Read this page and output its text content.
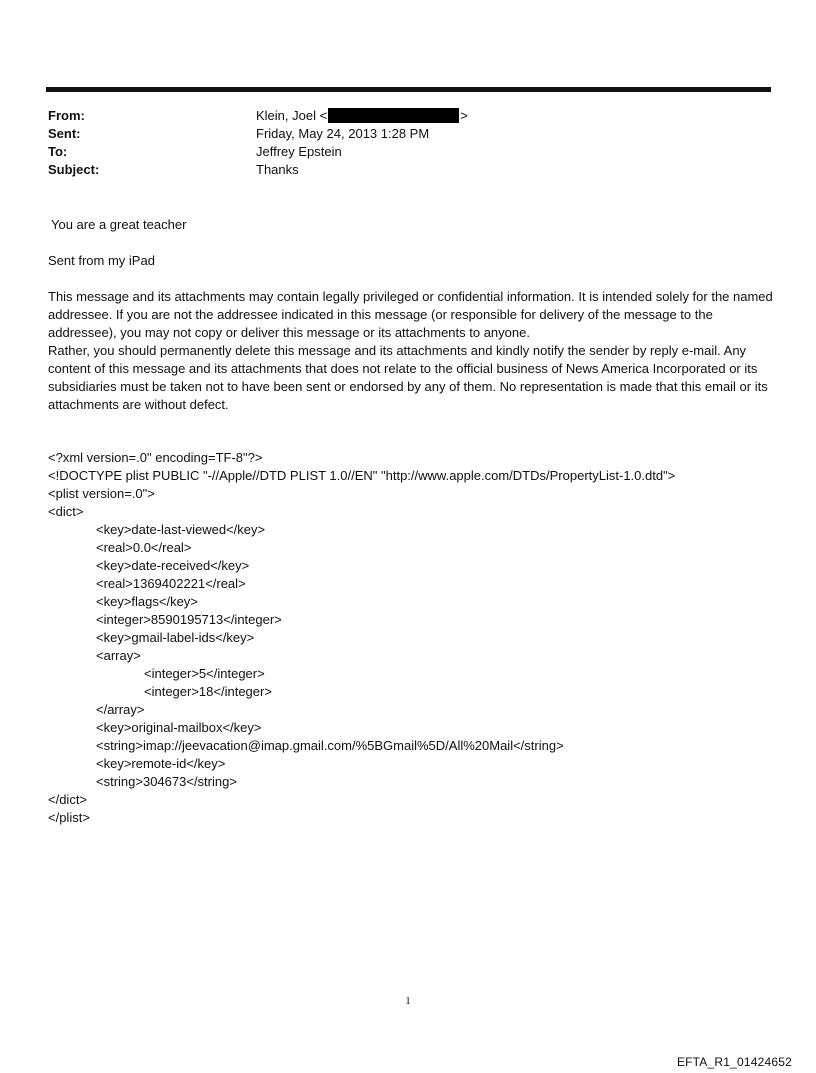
From:	Klein, Joel <	>
Sent:	Friday, May 24, 2013 1:28 PM
To:	Jeffrey Epstein
Subject:	Thanks
You are a great teacher
Sent from my iPad

This message and its attachments may contain legally privileged or confidential information. It is intended solely for the named addressee. If you are not the addressee indicated in this message (or responsible for delivery of the message to the addressee), you may not copy or deliver this message or its attachments to anyone.

Rather, you should permanently delete this message and its attachments and kindly notify the sender by reply e-mail. Any content of this message and its attachments that does not relate to the official business of News America Incorporated or its subsidiaries must be taken not to have been sent or endorsed by any of them. No representation is made that this email or its attachments are without defect.

<?xml version=.0" encoding=TF-8"?>
<!DOCTYPE plist PUBLIC "-//Apple//DTD PLIST 1.0//EN" "http://www.apple.com/DTDs/PropertyList-1.0.dtd">
<plist version=.0">
<dict>
<key>date-last-viewed</key>
<real>0.0</real>
<key>date-received</key>
<real>1369402221</real>
<key>flags</key>
<integer>8590195713</integer>
<key>gmail-label-ids</key>
<array>
<integer>5</integer>
<integer>18</integer>
</array>
<key>original-mailbox</key>
<string>imap://jeevacation@imap.gmail.com/%5BGmail%5D/All%20Mail</string>
<key>remote-id</key>
<string>304673</string>
</dict>
</plist>
1
EFTA_R1_01424652
